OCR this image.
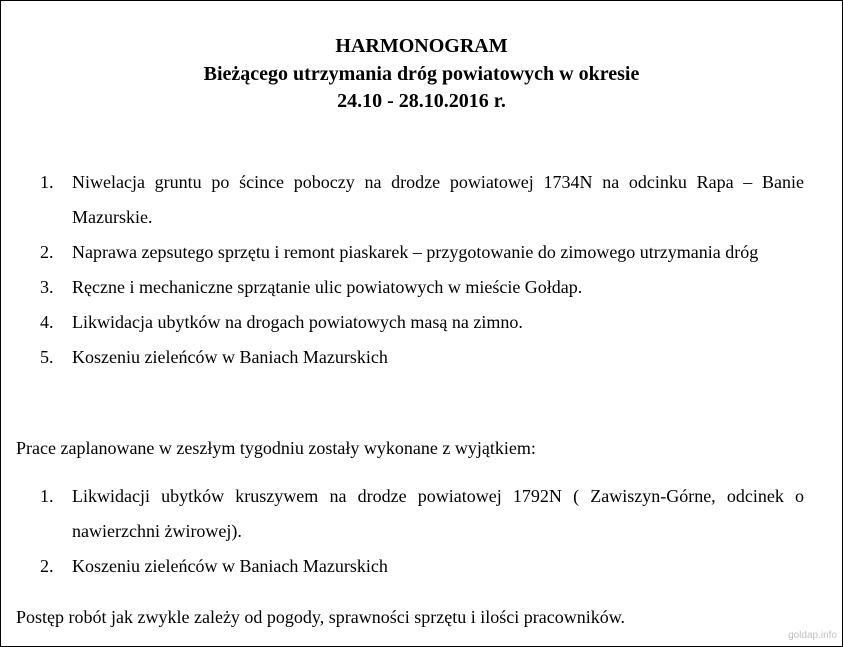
HARMONOGRAM
Bieżącego utrzymania dróg powiatowych w okresie
24.10 - 28.10.2016 r.
1. Niwelacja gruntu po ścince poboczy na drodze powiatowej 1734N na odcinku Rapa – Banie Mazurskie.
2. Naprawa zepsutego sprzętu i remont piaskarek – przygotowanie do zimowego utrzymania dróg
3. Ręczne i mechaniczne sprzątanie ulic powiatowych w mieście Gołdap.
4. Likwidacja ubytków na drogach powiatowych masą na zimno.
5. Koszeniu zieleńców w Baniach Mazurskich
Prace zaplanowane w zeszłym tygodniu zostały wykonane z wyjątkiem:
1. Likwidacji ubytków kruszywem na drodze powiatowej 1792N ( Zawiszyn-Górne, odcinek o nawierzchni żwirowej).
2. Koszeniu zieleńców w Baniach Mazurskich
Postęp robót jak zwykle zależy od pogody, sprawności sprzętu i ilości pracowników.
goldap.info
